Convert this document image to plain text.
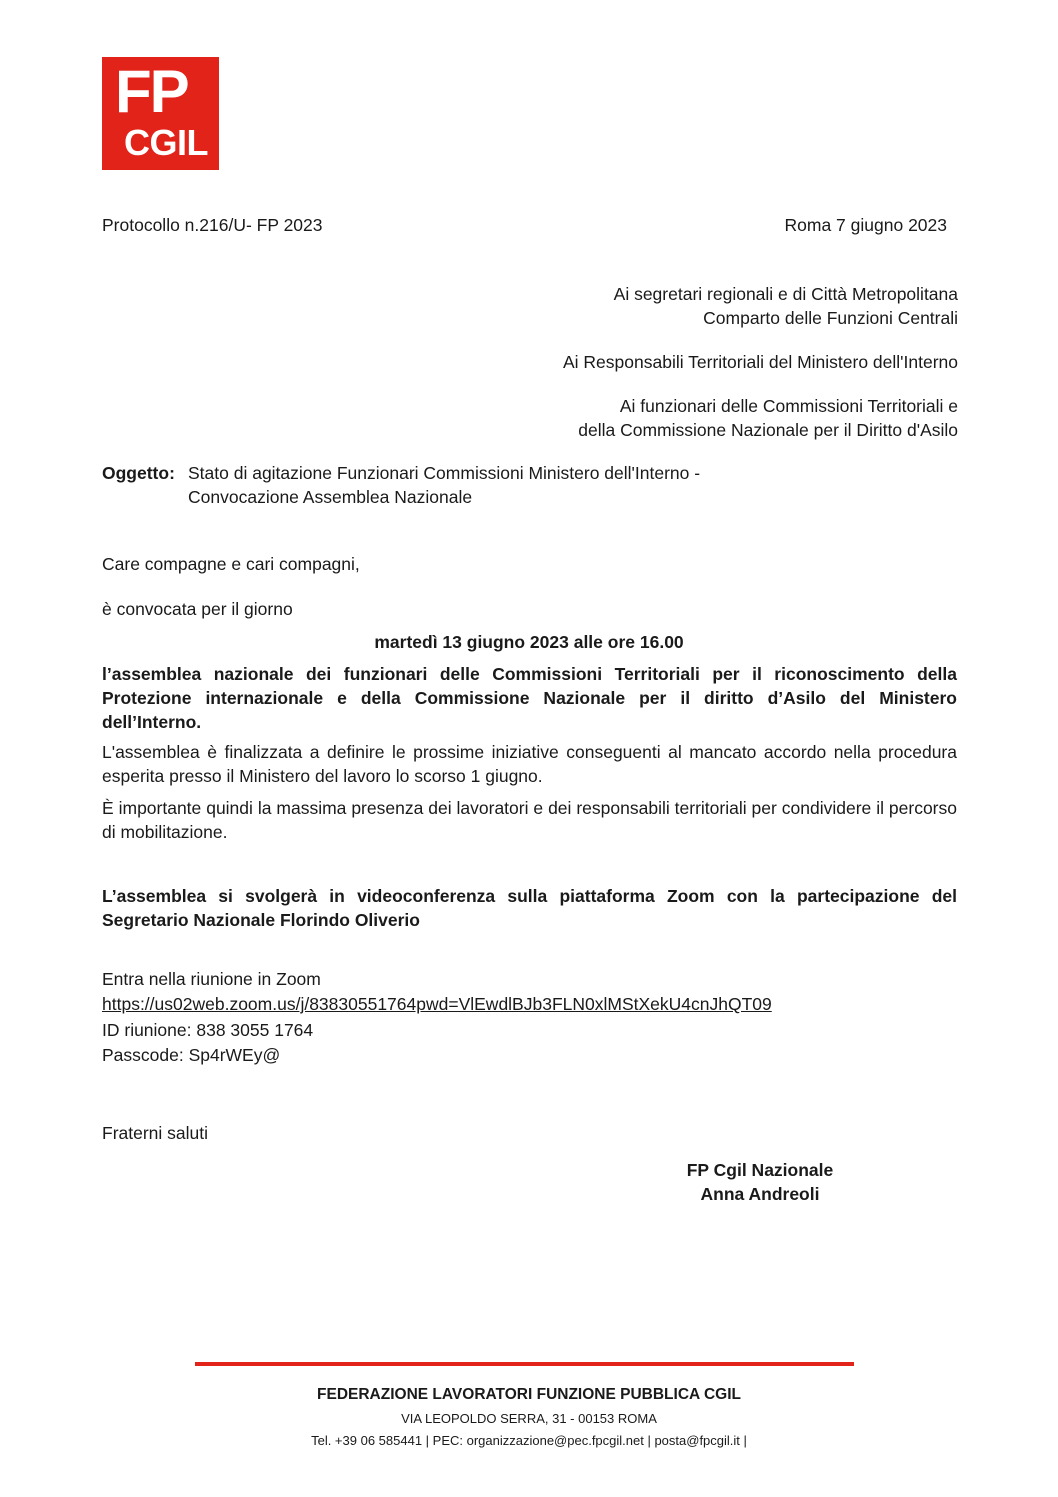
FP
CGIL
Protocollo n.216/U- FP 2023	Roma 7 giugno 2023
Ai segretari regionali e di Città Metropolitana
Comparto delle Funzioni Centrali
Ai Responsabili Territoriali del Ministero dell'Interno
Ai funzionari delle Commissioni Territoriali e
della Commissione Nazionale per il Diritto d'Asilo
Oggetto: Stato di agitazione Funzionari Commissioni Ministero dell'Interno -
Convocazione Assemblea Nazionale
Care compagne e cari compagni,
è convocata per il giorno
martedì 13 giugno 2023 alle ore 16.00
l’assemblea nazionale dei funzionari delle Commissioni Territoriali per il riconoscimento della Protezione internazionale e della Commissione Nazionale per il diritto d’Asilo del Ministero dell’Interno.
L'assemblea è finalizzata a definire le prossime iniziative conseguenti al mancato accordo nella procedura esperita presso il Ministero del lavoro lo scorso 1 giugno.
È importante quindi la massima presenza dei lavoratori e dei responsabili territoriali per condividere il percorso di mobilitazione.
L’assemblea si svolgerà in videoconferenza sulla piattaforma Zoom con la partecipazione del Segretario Nazionale Florindo Oliverio
Entra nella riunione in Zoom
https://us02web.zoom.us/j/83830551764pwd=VlEwdlBJb3FLN0xlMStXekU4cnJhQT09
ID riunione: 838 3055 1764
Passcode: Sp4rWEy@
Fraterni saluti
FP Cgil Nazionale
Anna Andreoli
FEDERAZIONE LAVORATORI FUNZIONE PUBBLICA CGIL
VIA LEOPOLDO SERRA, 31 - 00153 ROMA
Tel. +39 06 585441 | PEC: organizzazione@pec.fpcgil.net | posta@fpcgil.it |
